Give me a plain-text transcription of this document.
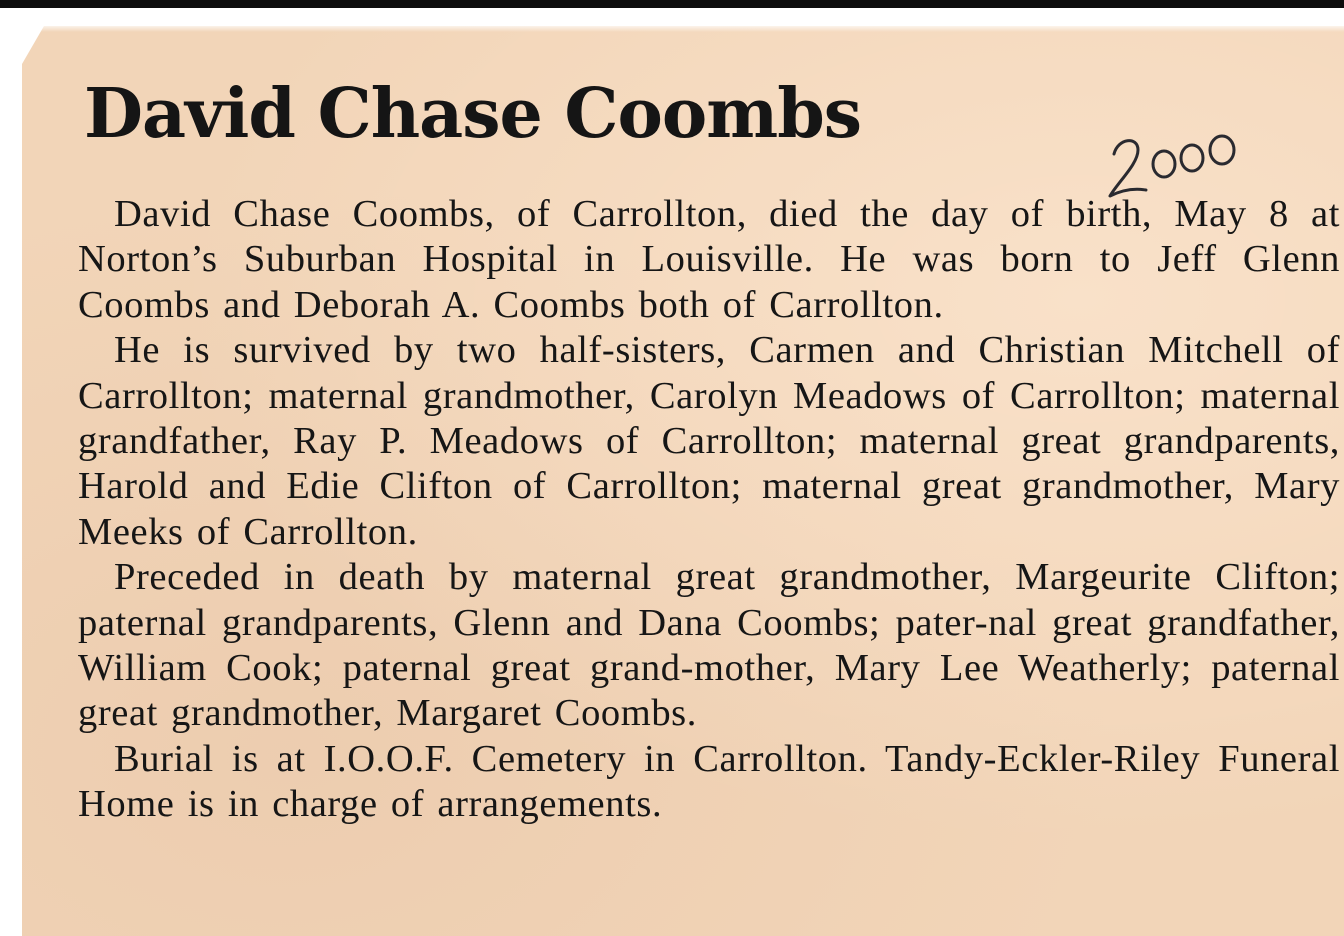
David Chase Coombs

David Chase Coombs, of Carrollton, died the day of birth, May 8 at Norton’s Suburban Hospital in Louisville. He was born to Jeff Glenn Coombs and Deborah A. Coombs both of Carrollton.

He is survived by two half-sisters, Carmen and Christian Mitchell of Carrollton; maternal grandmother, Carolyn Meadows of Carrollton; maternal grandfather, Ray P. Meadows of Carrollton; maternal great grandparents, Harold and Edie Clifton of Carrollton; maternal great grandmother, Mary Meeks of Carrollton.

Preceded in death by maternal great grandmother, Margeurite Clifton; paternal grandparents, Glenn and Dana Coombs; pater-nal great grandfather, William Cook; paternal great grand-mother, Mary Lee Weatherly; paternal great grandmother, Margaret Coombs.

Burial is at I.O.O.F. Cemetery in Carrollton. Tandy-Eckler-Riley Funeral Home is in charge of arrangements.
